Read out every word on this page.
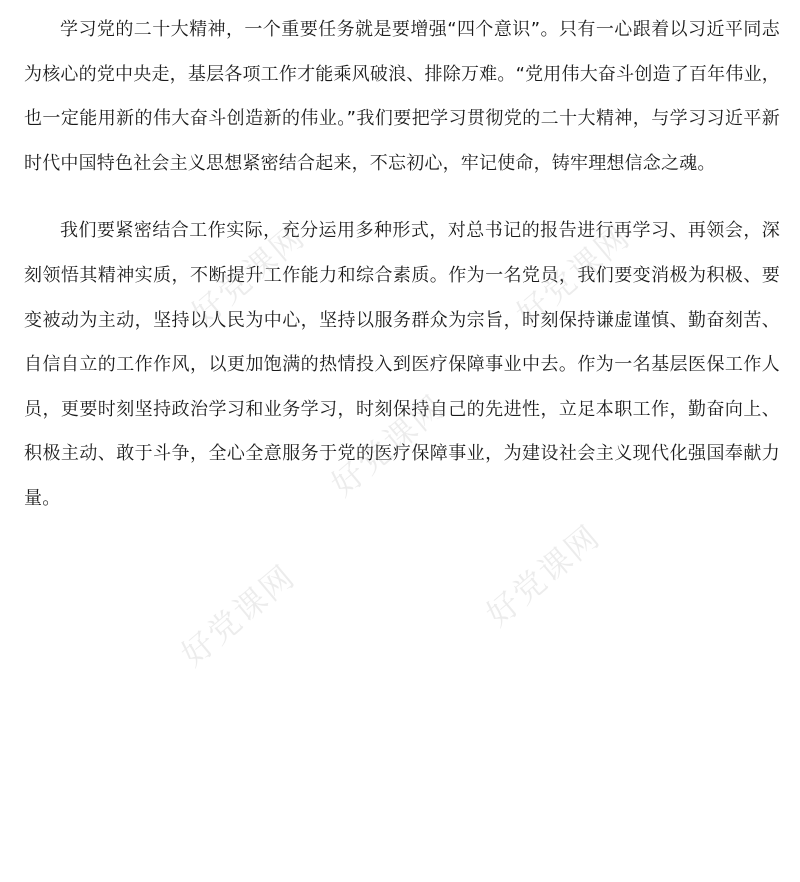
学习党的二十大精神，一个重要任务就是要增强“四个意识”。只有一心跟着以习近平同志为核心的党中央走，基层各项工作才能乘风破浪、排除万难。“党用伟大奋斗创造了百年伟业，也一定能用新的伟大奋斗创造新的伟业。”我们要把学习贯彻党的二十大精神，与学习习近平新时代中国特色社会主义思想紧密结合起来，不忘初心，牢记使命，铸牢理想信念之魂。

我们要紧密结合工作实际，充分运用多种形式，对总书记的报告进行再学习、再领会，深刻领悟其精神实质，不断提升工作能力和综合素质。作为一名党员，我们要变消极为积极、要变被动为主动，坚持以人民为中心，坚持以服务群众为宗旨，时刻保持谦虚谨慎、勤奋刻苦、自信自立的工作作风，以更加饱满的热情投入到医疗保障事业中去。作为一名基层医保工作人员，更要时刻坚持政治学习和业务学习，时刻保持自己的先进性，立足本职工作，勤奋向上、积极主动、敢于斗争，全心全意服务于党的医疗保障事业，为建设社会主义现代化强国奉献力量。

好党课网	好党课网
好党课网
好党课网
好党课网
